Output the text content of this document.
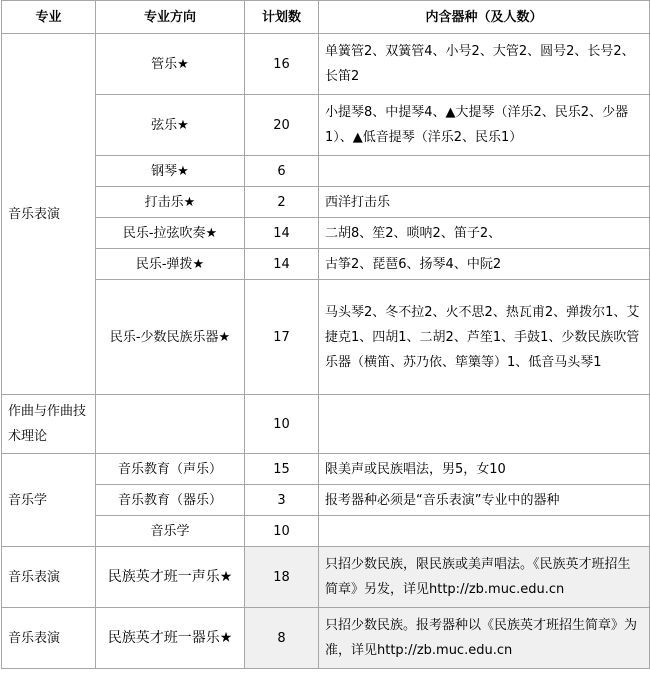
专业	专业方向	计划数	内含器种（及人数）
音乐表演	管乐★	16	单簧管2、双簧管4、小号2、大管2、圆号2、长号2、长笛2
	弦乐★	20	小提琴8、中提琴4、▲大提琴（洋乐2、民乐2、少器1）、▲低音提琴（洋乐2、民乐1）
	钢琴★	6	
	打击乐★	2	西洋打击乐
	民乐-拉弦吹奏★	14	二胡8、笙2、唢呐2、笛子2、
	民乐-弹拨★	14	古筝2、琵琶6、扬琴4、中阮2
	民乐-少数民族乐器★	17	马头琴2、冬不拉2、火不思2、热瓦甫2、弹拨尔1、艾捷克1、四胡1、二胡2、芦笙1、手鼓1、少数民族吹管乐器（横笛、苏乃依、筚篥等）1、低音马头琴1
作曲与作曲技术理论		10	
音乐学	音乐教育（声乐）	15	限美声或民族唱法，男5，女10
	音乐教育（器乐）	3	报考器种必须是“音乐表演”专业中的器种
	音乐学	10	
音乐表演	民族英才班一声乐★	18	只招少数民族，限民族或美声唱法。《民族英才班招生简章》另发，详见http://zb.muc.edu.cn
音乐表演	民族英才班一器乐★	8	只招少数民族。报考器种以《民族英才班招生简章》为准，详见http://zb.muc.edu.cn
